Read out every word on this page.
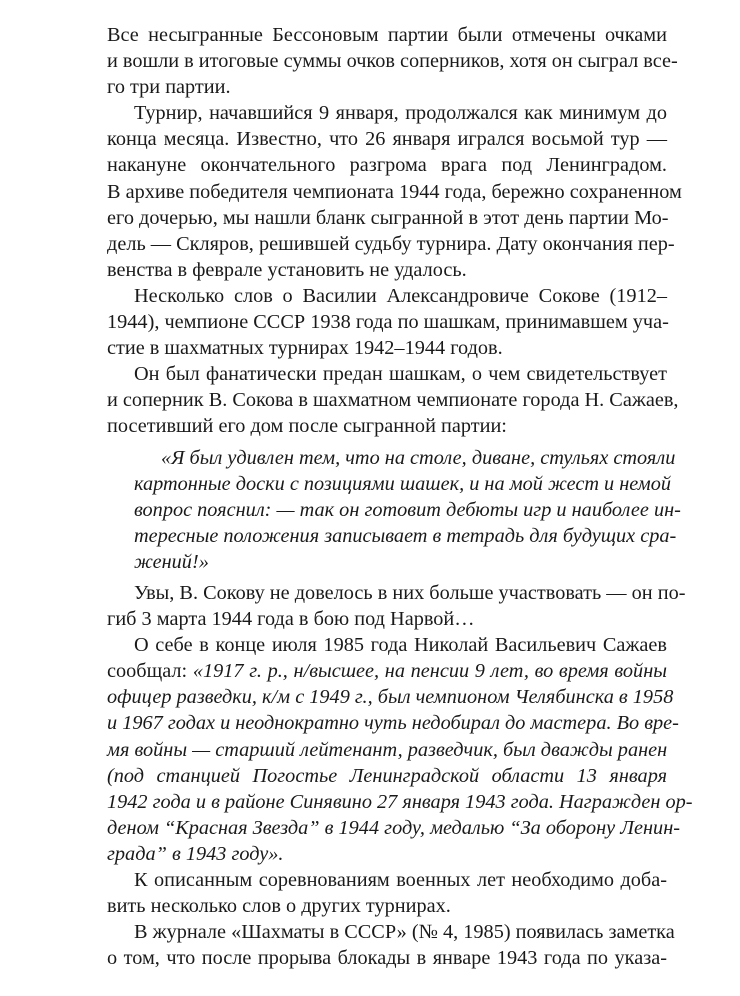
Все несыгранные Бессоновым партии были отмечены очками
и вошли в итоговые суммы очков соперников, хотя он сыграл все-
го три партии.
Турнир, начавшийся 9 января, продолжался как минимум до
конца месяца. Известно, что 26 января игрался восьмой тур —
накануне окончательного разгрома врага под Ленинградом.
В архиве победителя чемпионата 1944 года, бережно сохраненном
его дочерью, мы нашли бланк сыгранной в этот день партии Мо-
дель — Скляров, решившей судьбу турнира. Дату окончания пер-
венства в феврале установить не удалось.
Несколько слов о Василии Александровиче Сокове (1912–
1944), чемпионе СССР 1938 года по шашкам, принимавшем уча-
стие в шахматных турнирах 1942–1944 годов.
Он был фанатически предан шашкам, о чем свидетельствует
и соперник В. Сокова в шахматном чемпионате города Н. Сажаев,
посетивший его дом после сыгранной партии:
«Я был удивлен тем, что на столе, диване, стульях стояли
картонные доски с позициями шашек, и на мой жест и немой
вопрос пояснил: — так он готовит дебюты игр и наиболее ин-
тересные положения записывает в тетрадь для будущих сра-
жений!»
Увы, В. Сокову не довелось в них больше участвовать — он по-
гиб 3 марта 1944 года в бою под Нарвой…
О себе в конце июля 1985 года Николай Васильевич Сажаев
сообщал: «1917 г. р., н/высшее, на пенсии 9 лет, во время войны
офицер разведки, к/м с 1949 г., был чемпионом Челябинска в 1958
и 1967 годах и неоднократно чуть недобирал до мастера. Во вре-
мя войны — старший лейтенант, разведчик, был дважды ранен
(под станцией Погостье Ленинградской области 13 января
1942 года и в районе Синявино 27 января 1943 года. Награжден ор-
деном “Красная Звезда” в 1944 году, медалью “За оборону Ленин-
града” в 1943 году».
К описанным соревнованиям военных лет необходимо доба-
вить несколько слов о других турнирах.
В журнале «Шахматы в СССР» (№ 4, 1985) появилась заметка
о том, что после прорыва блокады в январе 1943 года по указа-
